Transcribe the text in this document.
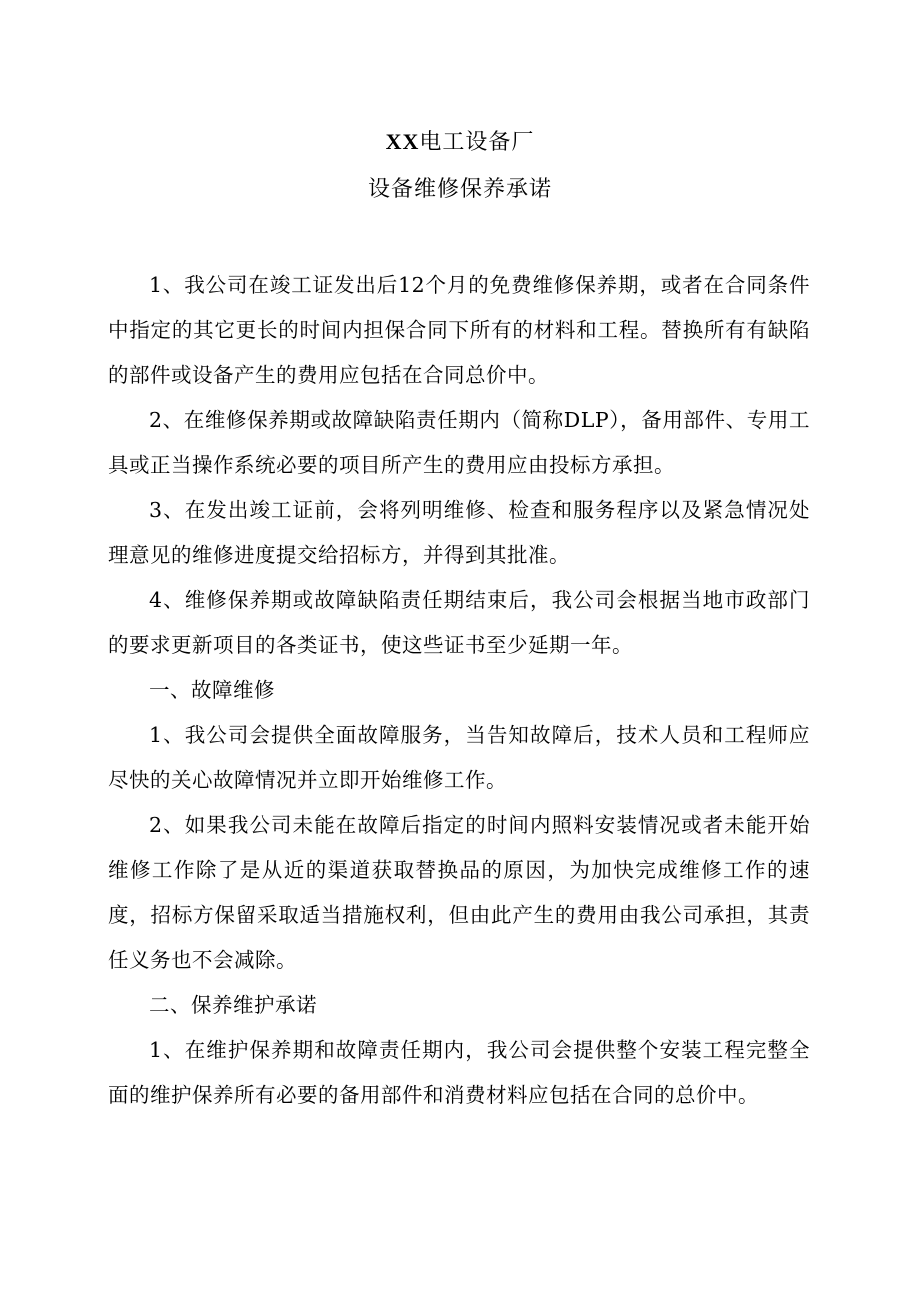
XX电工设备厂
设备维修保养承诺

1、我公司在竣工证发出后12个月的免费维修保养期，或者在合同条件中指定的其它更长的时间内担保合同下所有的材料和工程。替换所有有缺陷的部件或设备产生的费用应包括在合同总价中。

2、在维修保养期或故障缺陷责任期内（简称DLP），备用部件、专用工具或正当操作系统必要的项目所产生的费用应由投标方承担。

3、在发出竣工证前，会将列明维修、检查和服务程序以及紧急情况处理意见的维修进度提交给招标方，并得到其批准。

4、维修保养期或故障缺陷责任期结束后，我公司会根据当地市政部门的要求更新项目的各类证书，使这些证书至少延期一年。

一、故障维修

1、我公司会提供全面故障服务，当告知故障后，技术人员和工程师应尽快的关心故障情况并立即开始维修工作。

2、如果我公司未能在故障后指定的时间内照料安装情况或者未能开始维修工作除了是从近的渠道获取替换品的原因，为加快完成维修工作的速度，招标方保留采取适当措施权利，但由此产生的费用由我公司承担，其责任义务也不会减除。

二、保养维护承诺

1、在维护保养期和故障责任期内，我公司会提供整个安装工程完整全面的维护保养所有必要的备用部件和消费材料应包括在合同的总价中。
